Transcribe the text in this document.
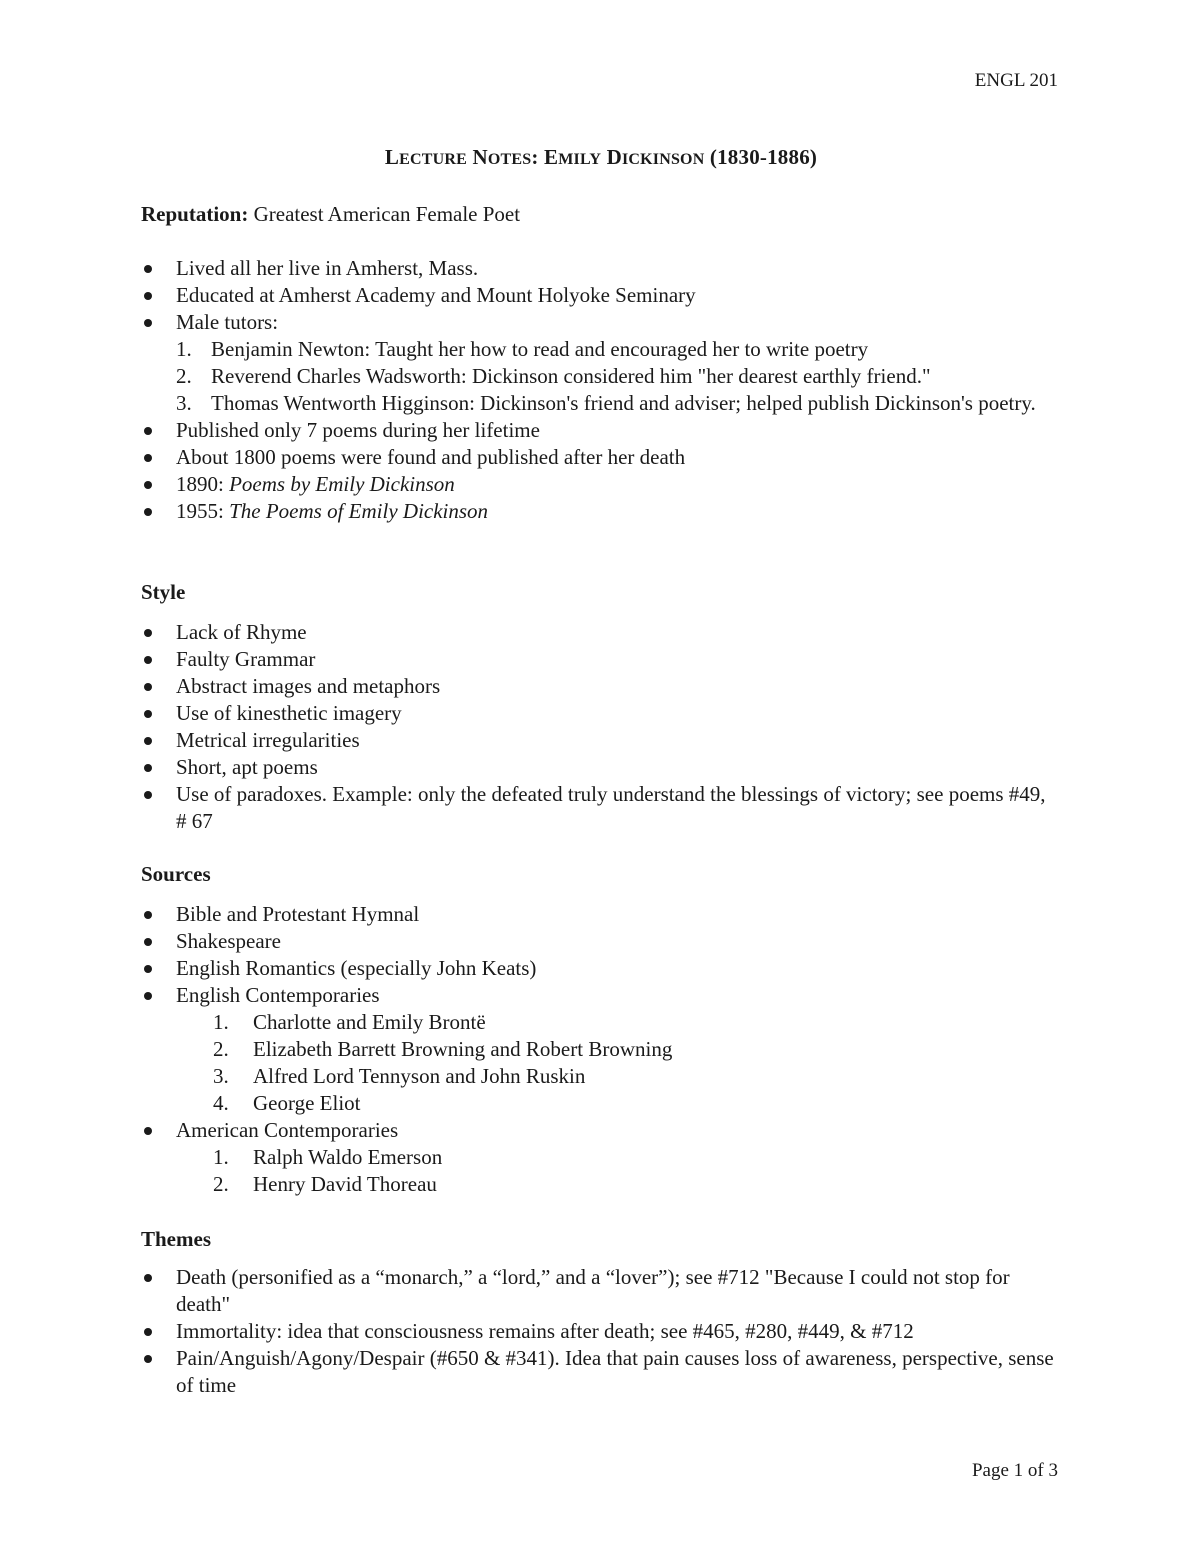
ENGL 201
LECTURE NOTES: EMILY DICKINSON (1830-1886)
Reputation: Greatest American Female Poet
Lived all her live in Amherst, Mass.
Educated at Amherst Academy and Mount Holyoke Seminary
Male tutors:
1. Benjamin Newton: Taught her how to read and encouraged her to write poetry
2. Reverend Charles Wadsworth: Dickinson considered him "her dearest earthly friend."
3. Thomas Wentworth Higginson: Dickinson's friend and adviser; helped publish Dickinson's poetry.
Published only 7 poems during her lifetime
About 1800 poems were found and published after her death
1890: Poems by Emily Dickinson
1955: The Poems of Emily Dickinson
Style
Lack of Rhyme
Faulty Grammar
Abstract images and metaphors
Use of kinesthetic imagery
Metrical irregularities
Short, apt poems
Use of paradoxes. Example: only the defeated truly understand the blessings of victory; see poems #49, # 67
Sources
Bible and Protestant Hymnal
Shakespeare
English Romantics (especially John Keats)
English Contemporaries
1. Charlotte and Emily Brontë
2. Elizabeth Barrett Browning and Robert Browning
3. Alfred Lord Tennyson and John Ruskin
4. George Eliot
American Contemporaries
1. Ralph Waldo Emerson
2. Henry David Thoreau
Themes
Death (personified as a “monarch,” a “lord,” and a “lover”); see #712 "Because I could not stop for death"
Immortality: idea that consciousness remains after death; see #465, #280, #449, & #712
Pain/Anguish/Agony/Despair (#650 & #341). Idea that pain causes loss of awareness, perspective, sense of time
Page 1 of 3
